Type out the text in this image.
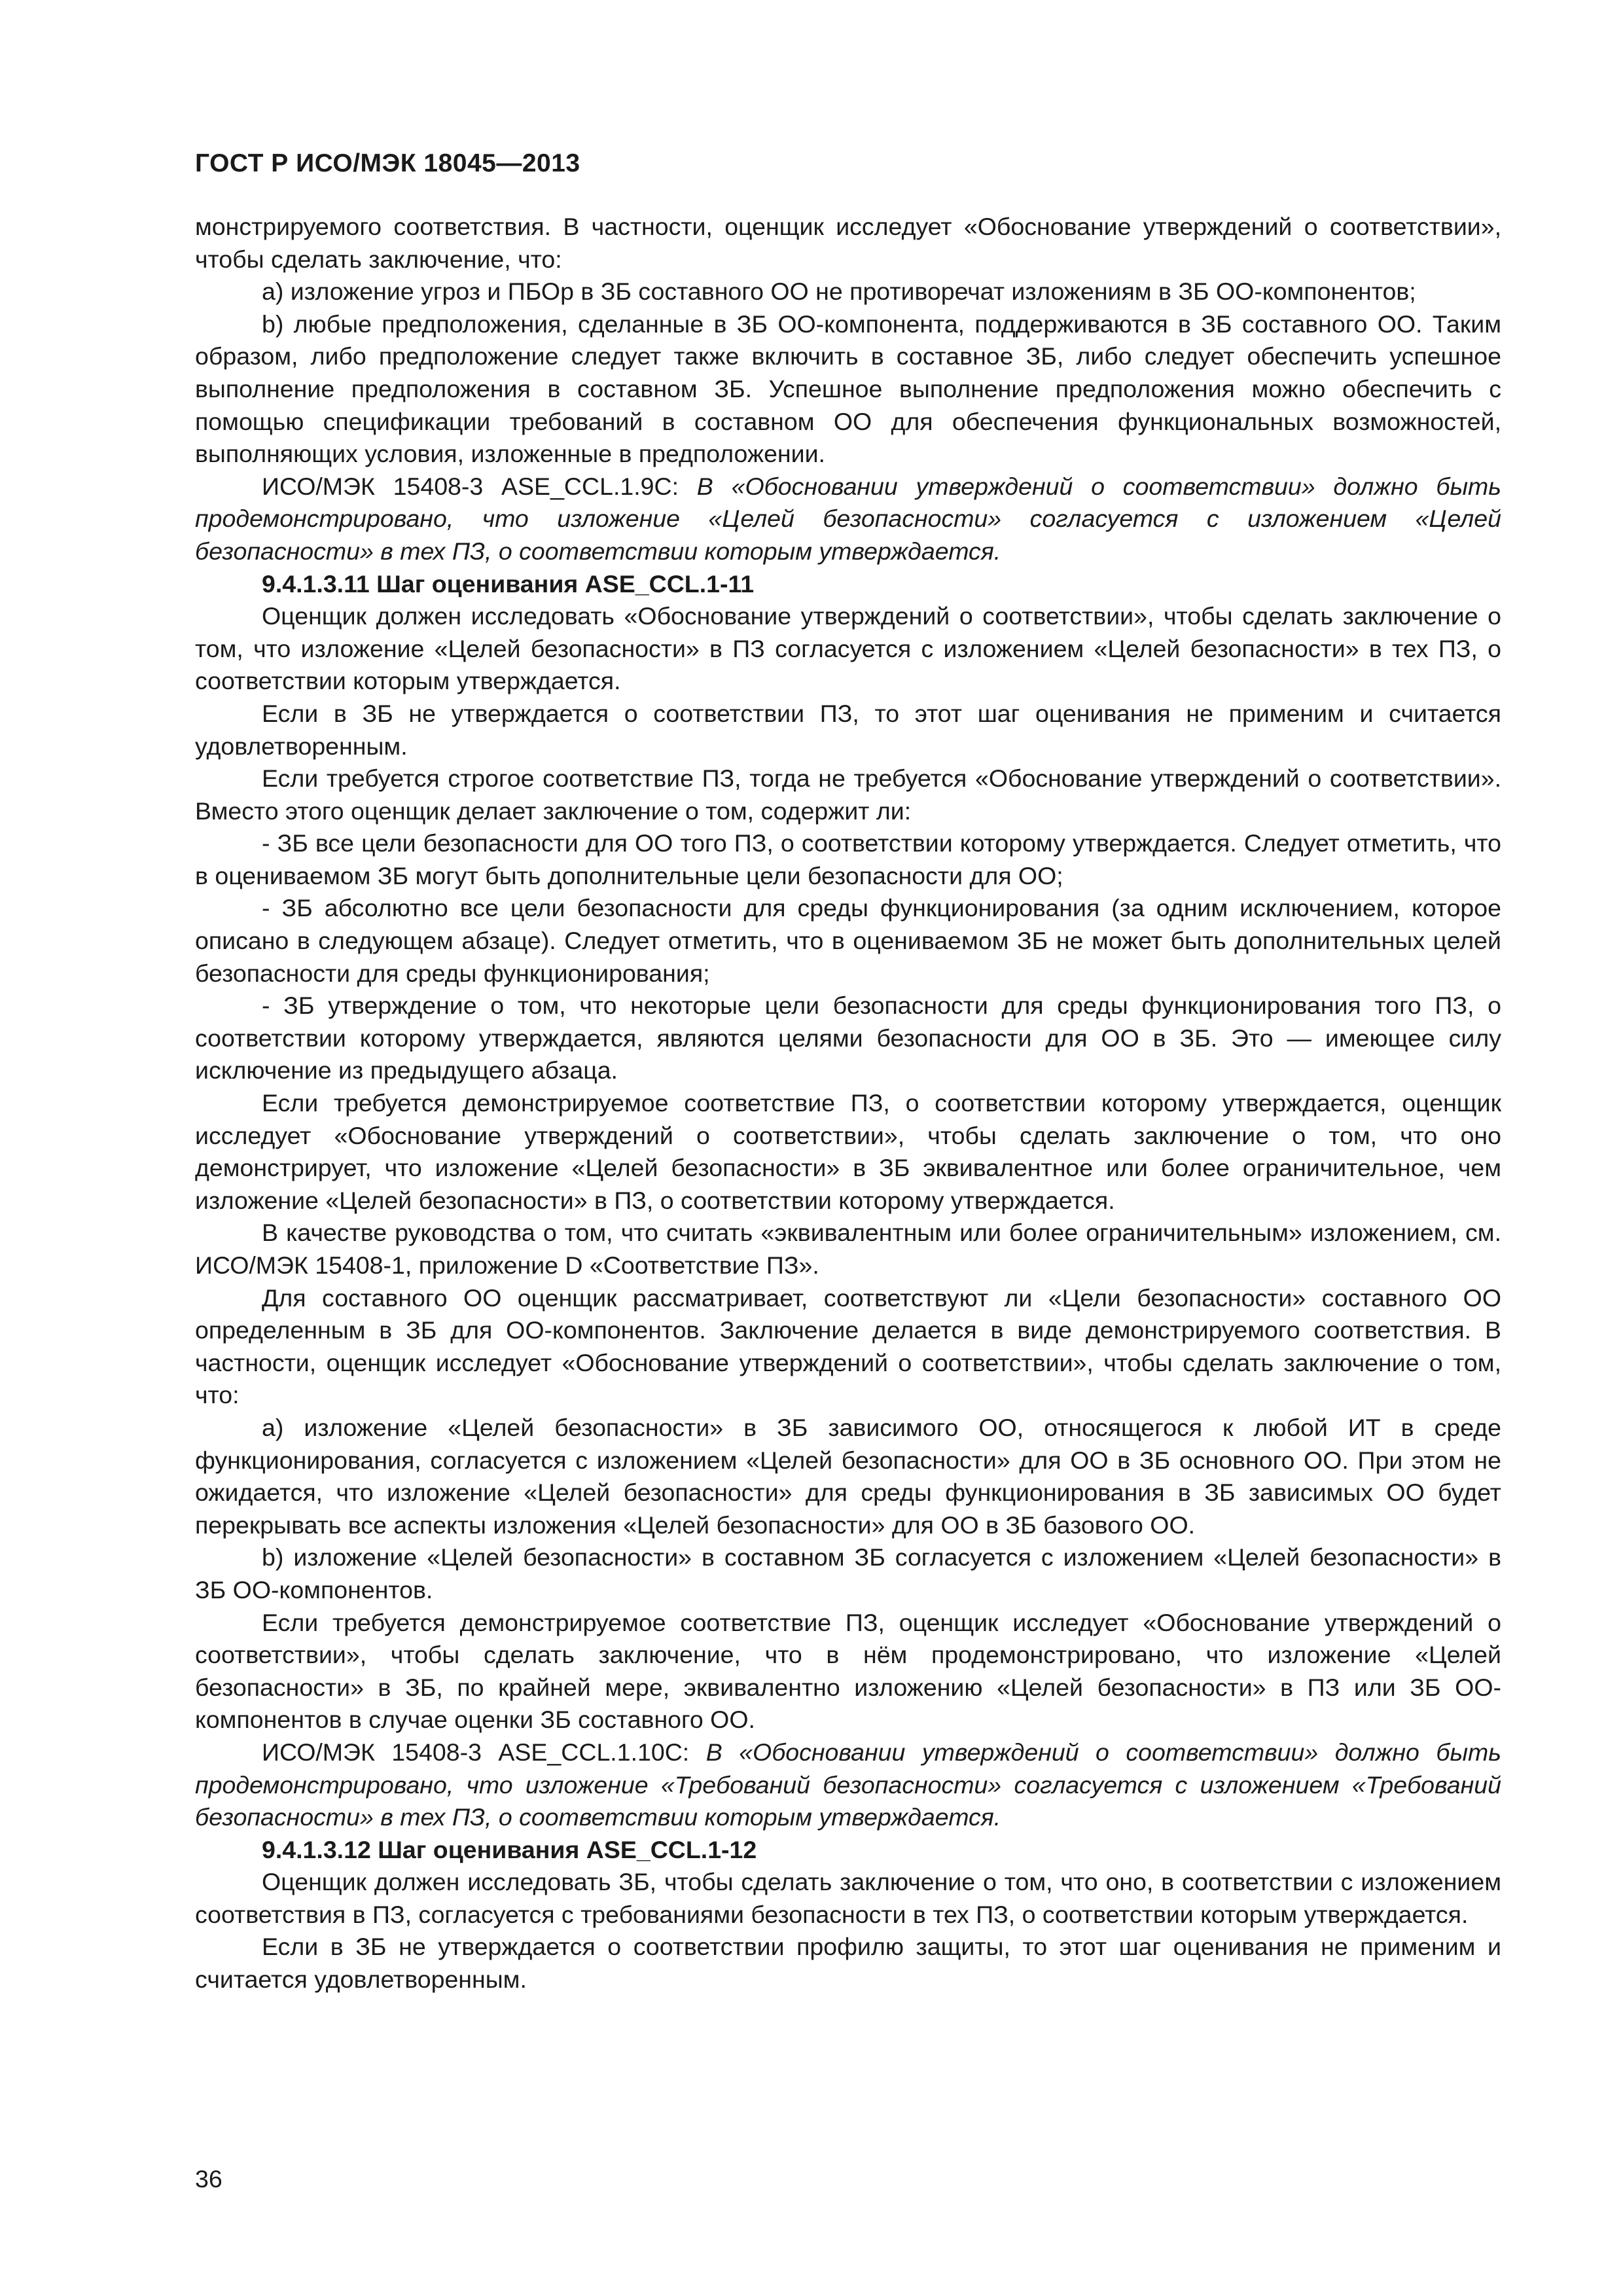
ГОСТ Р ИСО/МЭК 18045—2013

монстрируемого соответствия. В частности, оценщик исследует «Обоснование утверждений о соответствии», чтобы сделать заключение, что:

a) изложение угроз и ПБОр в ЗБ составного ОО не противоречат изложениям в ЗБ ОО-компонентов;

b) любые предположения, сделанные в ЗБ ОО-компонента, поддерживаются в ЗБ составного ОО. Таким образом, либо предположение следует также включить в составное ЗБ, либо следует обеспечить успешное выполнение предположения в составном ЗБ. Успешное выполнение предположения можно обеспечить с помощью спецификации требований в составном ОО для обеспечения функциональных возможностей, выполняющих условия, изложенные в предположении.

ИСО/МЭК 15408-3 ASE_CCL.1.9С: В «Обосновании утверждений о соответствии» должно быть продемонстрировано, что изложение «Целей безопасности» согласуется с изложением «Целей безопасности» в тех ПЗ, о соответствии которым утверждается.

9.4.1.3.11 Шаг оценивания ASE_CCL.1-11

Оценщик должен исследовать «Обоснование утверждений о соответствии», чтобы сделать заключение о том, что изложение «Целей безопасности» в ПЗ согласуется с изложением «Целей безопасности» в тех ПЗ, о соответствии которым утверждается.

Если в ЗБ не утверждается о соответствии ПЗ, то этот шаг оценивания не применим и считается удовлетворенным.

Если требуется строгое соответствие ПЗ, тогда не требуется «Обоснование утверждений о соответствии». Вместо этого оценщик делает заключение о том, содержит ли:

- ЗБ все цели безопасности для ОО того ПЗ, о соответствии которому утверждается. Следует отметить, что в оцениваемом ЗБ могут быть дополнительные цели безопасности для ОО;

- ЗБ абсолютно все цели безопасности для среды функционирования (за одним исключением, которое описано в следующем абзаце). Следует отметить, что в оцениваемом ЗБ не может быть дополнительных целей безопасности для среды функционирования;

- ЗБ утверждение о том, что некоторые цели безопасности для среды функционирования того ПЗ, о соответствии которому утверждается, являются целями безопасности для ОО в ЗБ. Это — имеющее силу исключение из предыдущего абзаца.

Если требуется демонстрируемое соответствие ПЗ, о соответствии которому утверждается, оценщик исследует «Обоснование утверждений о соответствии», чтобы сделать заключение о том, что оно демонстрирует, что изложение «Целей безопасности» в ЗБ эквивалентное или более ограничительное, чем изложение «Целей безопасности» в ПЗ, о соответствии которому утверждается.

В качестве руководства о том, что считать «эквивалентным или более ограничительным» изложением, см. ИСО/МЭК 15408-1, приложение D «Соответствие ПЗ».

Для составного ОО оценщик рассматривает, соответствуют ли «Цели безопасности» составного ОО определенным в ЗБ для ОО-компонентов. Заключение делается в виде демонстрируемого соответствия. В частности, оценщик исследует «Обоснование утверждений о соответствии», чтобы сделать заключение о том, что:

a) изложение «Целей безопасности» в ЗБ зависимого ОО, относящегося к любой ИТ в среде функционирования, согласуется с изложением «Целей безопасности» для ОО в ЗБ основного ОО. При этом не ожидается, что изложение «Целей безопасности» для среды функционирования в ЗБ зависимых ОО будет перекрывать все аспекты изложения «Целей безопасности» для ОО в ЗБ базового ОО.

b) изложение «Целей безопасности» в составном ЗБ согласуется с изложением «Целей безопасности» в ЗБ ОО-компонентов.

Если требуется демонстрируемое соответствие ПЗ, оценщик исследует «Обоснование утверждений о соответствии», чтобы сделать заключение, что в нём продемонстрировано, что изложение «Целей безопасности» в ЗБ, по крайней мере, эквивалентно изложению «Целей безопасности» в ПЗ или ЗБ ОО-компонентов в случае оценки ЗБ составного ОО.

ИСО/МЭК 15408-3 ASE_CCL.1.10С: В «Обосновании утверждений о соответствии» должно быть продемонстрировано, что изложение «Требований безопасности» согласуется с изложением «Требований безопасности» в тех ПЗ, о соответствии которым утверждается.

9.4.1.3.12 Шаг оценивания ASE_CCL.1-12

Оценщик должен исследовать ЗБ, чтобы сделать заключение о том, что оно, в соответствии с изложением соответствия в ПЗ, согласуется с требованиями безопасности в тех ПЗ, о соответствии которым утверждается.

Если в ЗБ не утверждается о соответствии профилю защиты, то этот шаг оценивания не применим и считается удовлетворенным.

36
